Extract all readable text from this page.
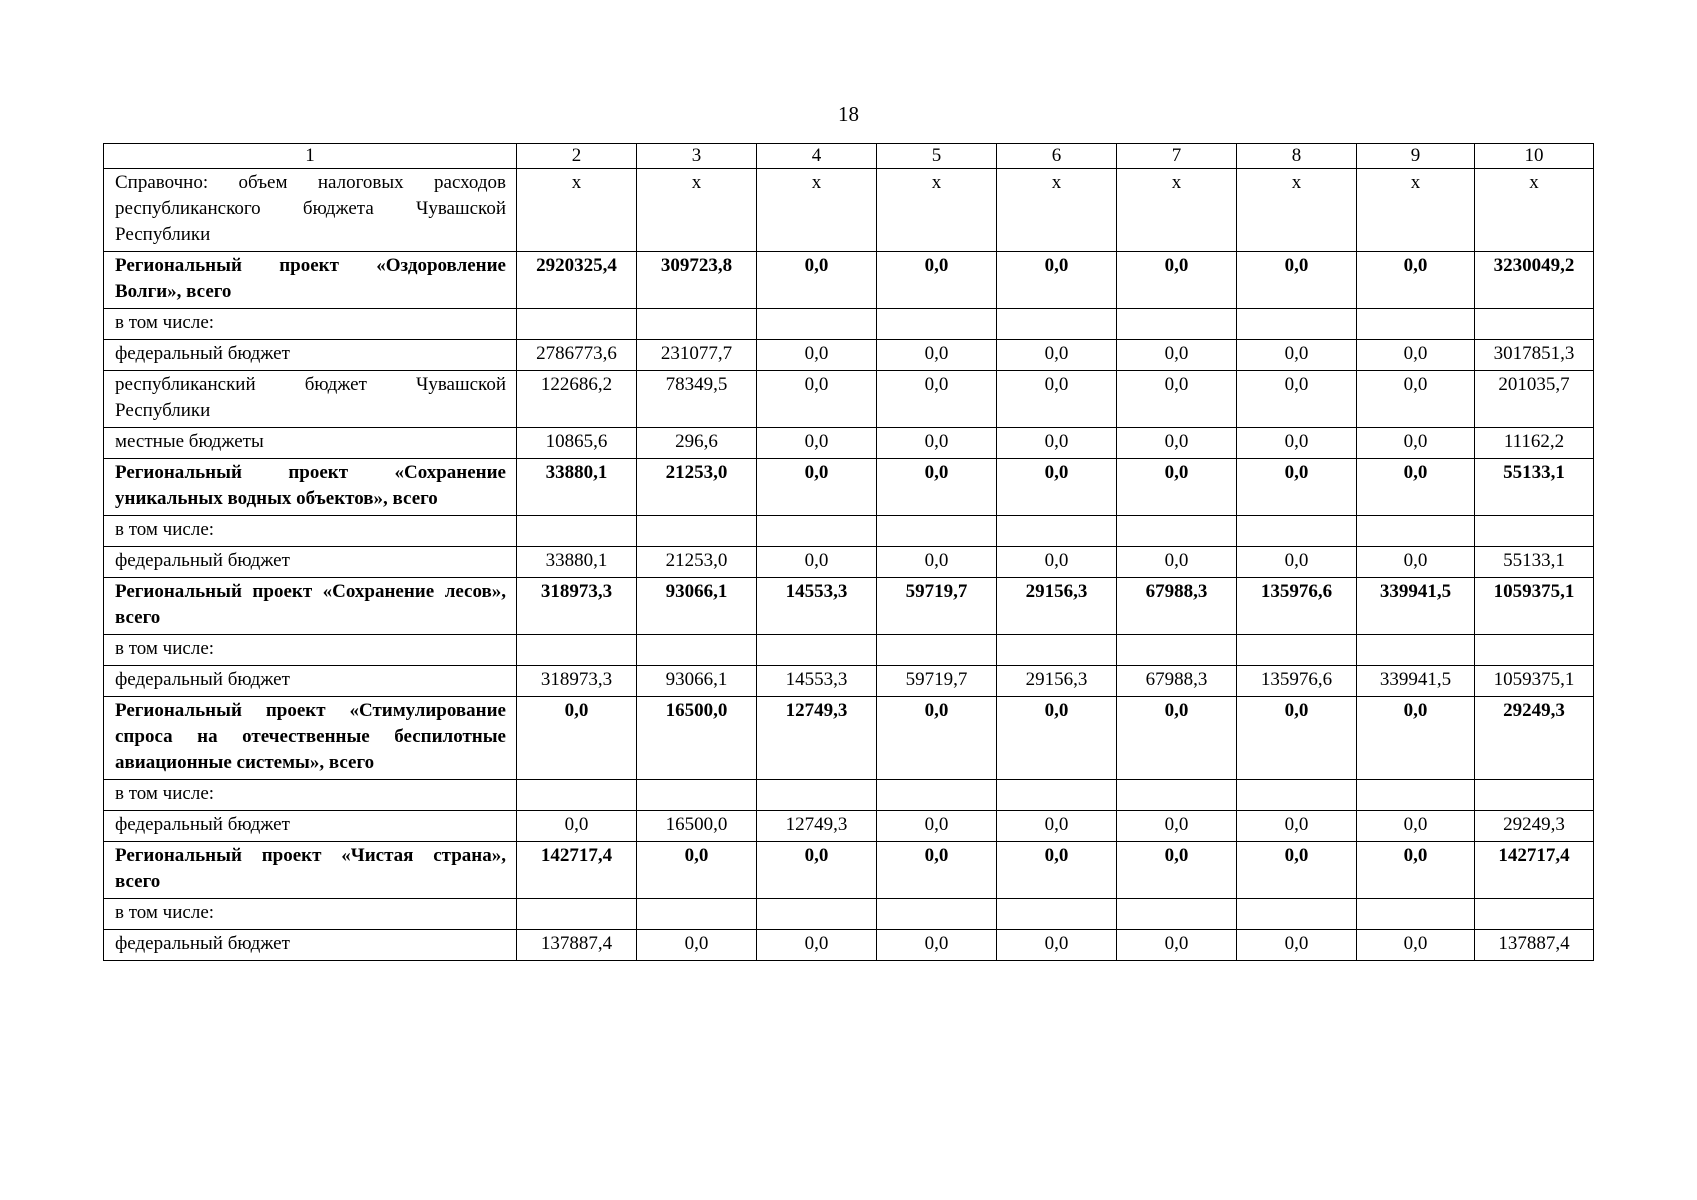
18
1	2	3	4	5	6	7	8	9	10
Справочно: объем налоговых расходов республиканского бюджета Чувашской Республики	x	x	x	x	x	x	x	x	x
Региональный проект «Оздоровление Волги», всего	2920325,4	309723,8	0,0	0,0	0,0	0,0	0,0	0,0	3230049,2
в том числе:									
федеральный бюджет	2786773,6	231077,7	0,0	0,0	0,0	0,0	0,0	0,0	3017851,3
республиканский бюджет Чувашской Республики	122686,2	78349,5	0,0	0,0	0,0	0,0	0,0	0,0	201035,7
местные бюджеты	10865,6	296,6	0,0	0,0	0,0	0,0	0,0	0,0	11162,2
Региональный проект «Сохранение уникальных водных объектов», всего	33880,1	21253,0	0,0	0,0	0,0	0,0	0,0	0,0	55133,1
в том числе:									
федеральный бюджет	33880,1	21253,0	0,0	0,0	0,0	0,0	0,0	0,0	55133,1
Региональный проект «Сохранение лесов», всего	318973,3	93066,1	14553,3	59719,7	29156,3	67988,3	135976,6	339941,5	1059375,1
в том числе:									
федеральный бюджет	318973,3	93066,1	14553,3	59719,7	29156,3	67988,3	135976,6	339941,5	1059375,1
Региональный проект «Стимулирование спроса на отечественные беспилотные авиационные системы», всего	0,0	16500,0	12749,3	0,0	0,0	0,0	0,0	0,0	29249,3
в том числе:									
федеральный бюджет	0,0	16500,0	12749,3	0,0	0,0	0,0	0,0	0,0	29249,3
Региональный проект «Чистая страна», всего	142717,4	0,0	0,0	0,0	0,0	0,0	0,0	0,0	142717,4
в том числе:									
федеральный бюджет	137887,4	0,0	0,0	0,0	0,0	0,0	0,0	0,0	137887,4
